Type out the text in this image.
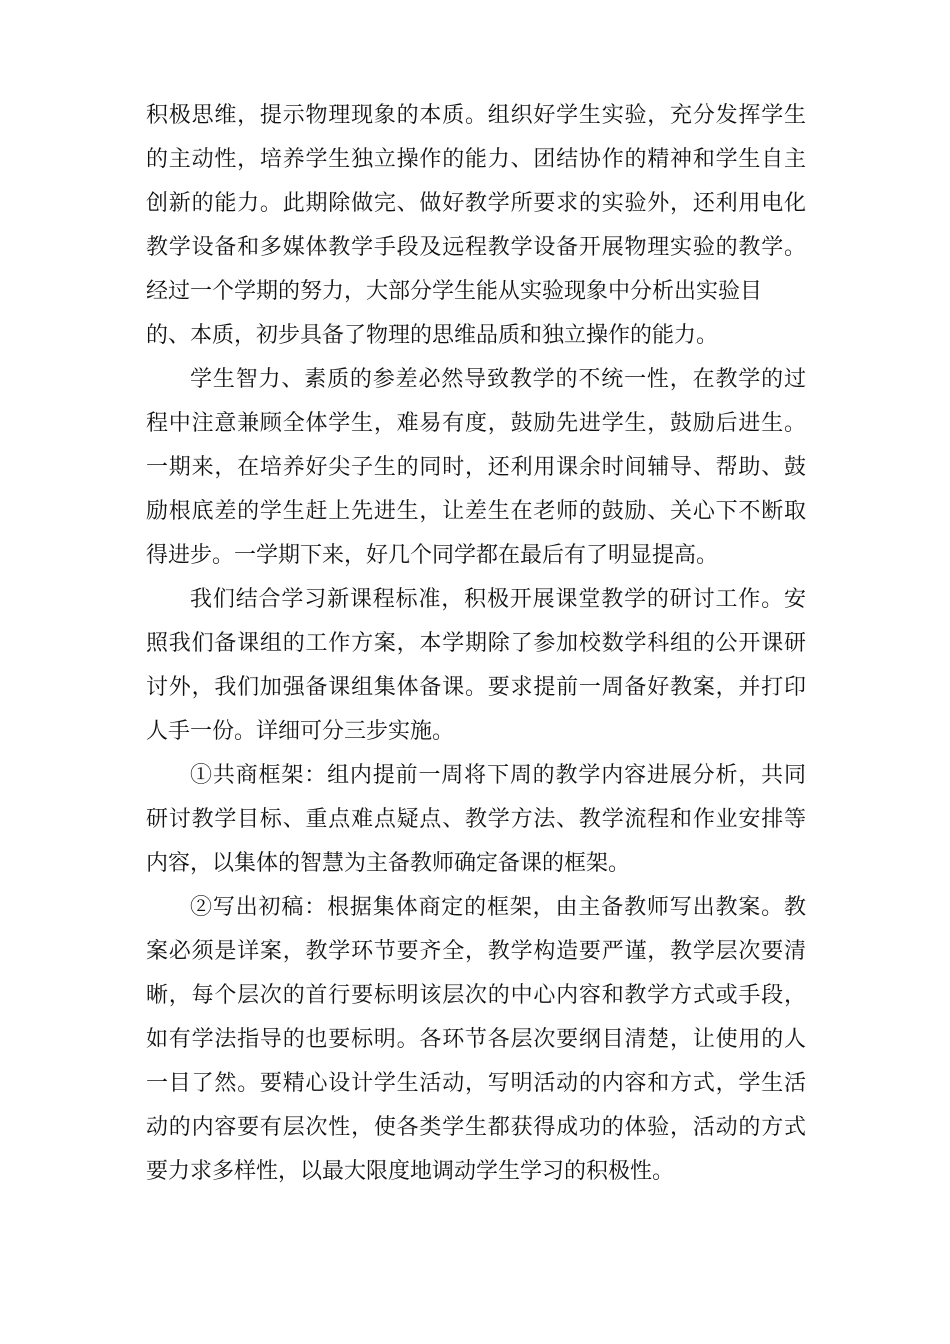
积极思维，提示物理现象的本质。组织好学生实验，充分发挥学生
的主动性，培养学生独立操作的能力、团结协作的精神和学生自主
创新的能力。此期除做完、做好教学所要求的实验外，还利用电化
教学设备和多媒体教学手段及远程教学设备开展物理实验的教学。
经过一个学期的努力，大部分学生能从实验现象中分析出实验目
的、本质，初步具备了物理的思维品质和独立操作的能力。
学生智力、素质的参差必然导致教学的不统一性，在教学的过
程中注意兼顾全体学生，难易有度，鼓励先进学生，鼓励后进生。
一期来，在培养好尖子生的同时，还利用课余时间辅导、帮助、鼓
励根底差的学生赶上先进生，让差生在老师的鼓励、关心下不断取
得进步。一学期下来，好几个同学都在最后有了明显提高。
我们结合学习新课程标准，积极开展课堂教学的研讨工作。安
照我们备课组的工作方案，本学期除了参加校数学科组的公开课研
讨外，我们加强备课组集体备课。要求提前一周备好教案，并打印
人手一份。详细可分三步实施。
①共商框架：组内提前一周将下周的教学内容进展分析，共同
研讨教学目标、重点难点疑点、教学方法、教学流程和作业安排等
内容，以集体的智慧为主备教师确定备课的框架。
②写出初稿：根据集体商定的框架，由主备教师写出教案。教
案必须是详案，教学环节要齐全，教学构造要严谨，教学层次要清
晰，每个层次的首行要标明该层次的中心内容和教学方式或手段，
如有学法指导的也要标明。各环节各层次要纲目清楚，让使用的人
一目了然。要精心设计学生活动，写明活动的内容和方式，学生活
动的内容要有层次性，使各类学生都获得成功的体验，活动的方式
要力求多样性，以最大限度地调动学生学习的积极性。
